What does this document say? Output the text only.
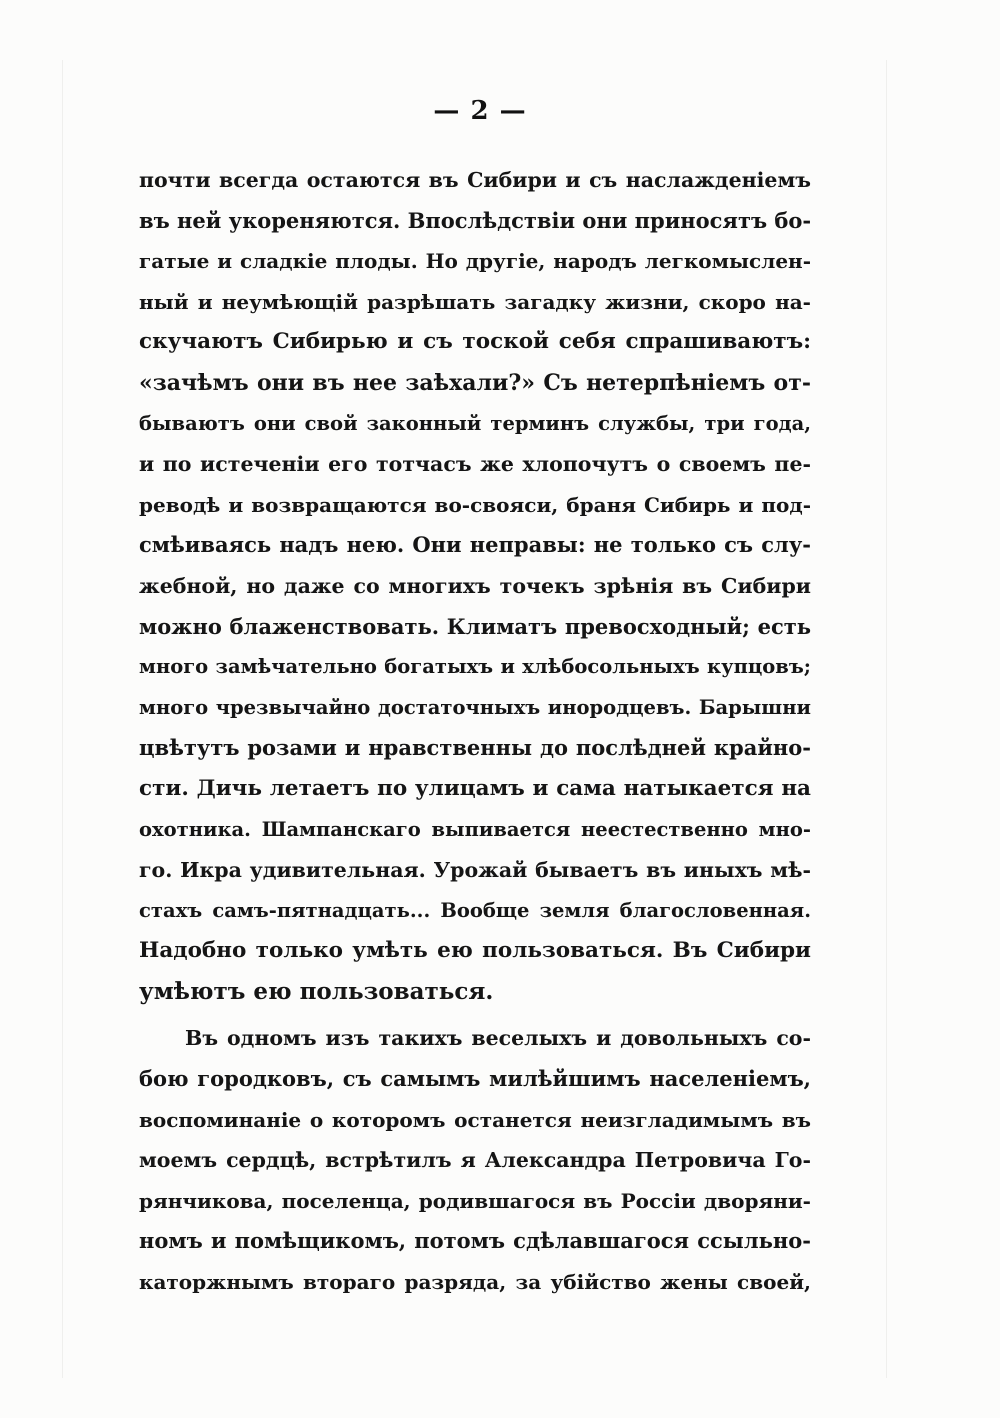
— 2 —
почти всегда остаются въ Сибири и съ наслажденіемъ
въ ней укореняются. Впослѣдствіи они приносятъ бо-
гатые и сладкіе плоды. Но другіе, народъ легкомыслен-
ный и неумѣющій разрѣшать загадку жизни, скоро на-
скучаютъ Сибирью и съ тоской себя спрашиваютъ:
«зачѣмъ они въ нее заѣхали?» Съ нетерпѣніемъ от-
бываютъ они свой законный терминъ службы, три года,
и по истеченіи его тотчасъ же хлопочутъ о своемъ пе-
реводѣ и возвращаются во-свояси, браня Сибирь и под-
смѣиваясь надъ нею. Они неправы: не только съ слу-
жебной, но даже со многихъ точекъ зрѣнія въ Сибири
можно блаженствовать. Климатъ превосходный; есть
много замѣчательно богатыхъ и хлѣбосольныхъ купцовъ;
много чрезвычайно достаточныхъ инородцевъ. Барышни
цвѣтутъ розами и нравственны до послѣдней крайно-
сти. Дичь летаетъ по улицамъ и сама натыкается на
охотника. Шампанскаго выпивается неестественно мно-
го. Икра удивительная. Урожай бываетъ въ иныхъ мѣ-
стахъ самъ-пятнадцать... Вообще земля благословенная.
Надобно только умѣть ею пользоваться. Въ Сибири
умѣютъ ею пользоваться.
Въ одномъ изъ такихъ веселыхъ и довольныхъ со-
бою городковъ, съ самымъ милѣйшимъ населеніемъ,
воспоминаніе о которомъ останется неизгладимымъ въ
моемъ сердцѣ, встрѣтилъ я Александра Петровича Го-
рянчикова, поселенца, родившагося въ Россіи дворяни-
номъ и помѣщикомъ, потомъ сдѣлавшагося ссыльно-
каторжнымъ втораго разряда, за убійство жены своей,
